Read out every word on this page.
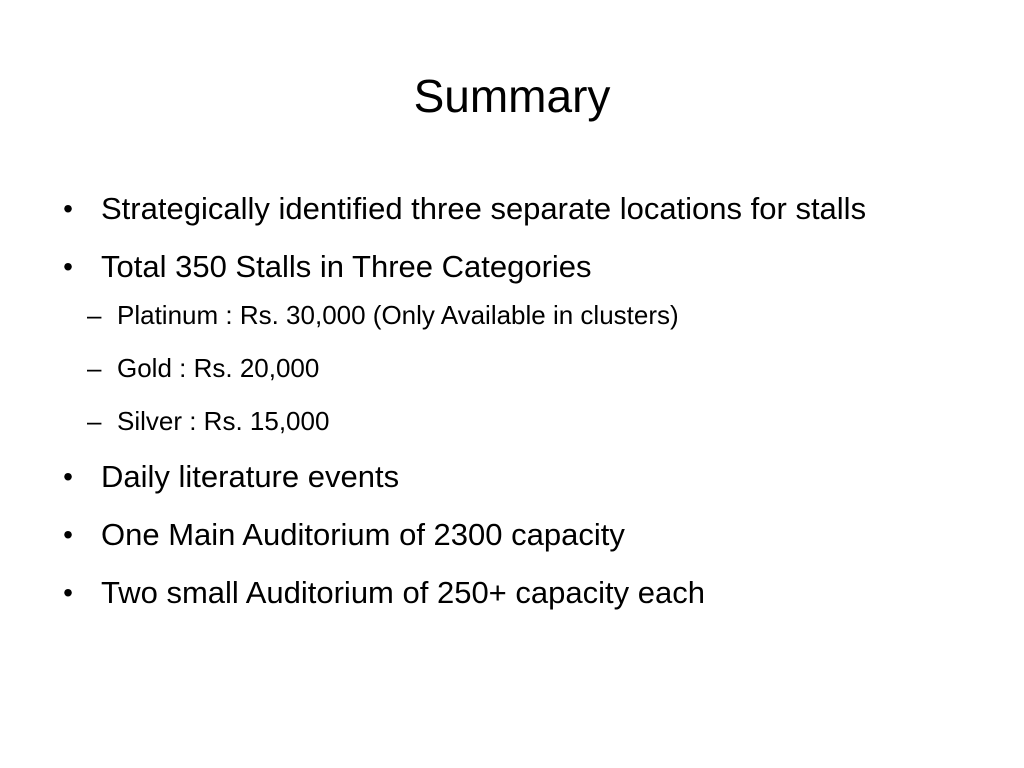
Summary
• Strategically identified three separate locations for stalls
• Total 350 Stalls in Three Categories
– Platinum : Rs. 30,000 (Only Available in clusters)
– Gold : Rs. 20,000
– Silver : Rs. 15,000
• Daily literature events
• One Main Auditorium of 2300 capacity
• Two small Auditorium of 250+ capacity each
